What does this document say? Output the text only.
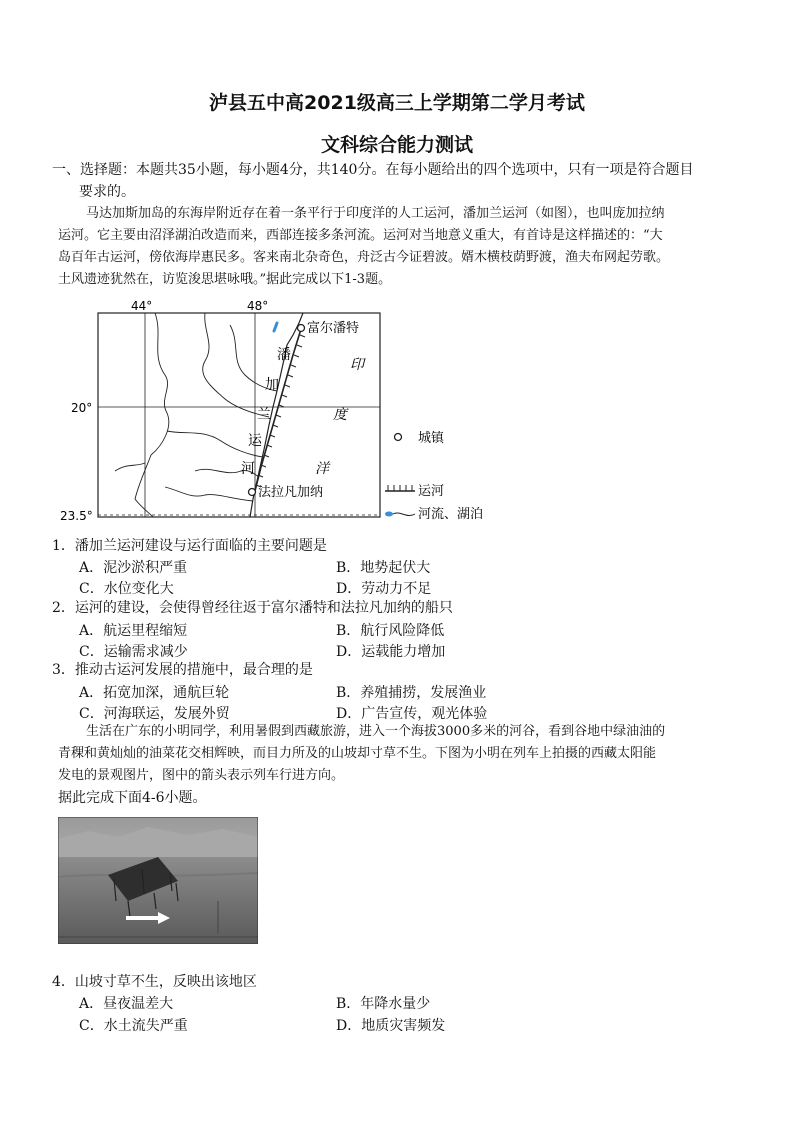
泸县五中高2021级高三上学期第二学月考试
文科综合能力测试
一、选择题：本题共35小题，每小题4分，共140分。在每小题给出的四个选项中，只有一项是符合题目
要求的。
马达加斯加岛的东海岸附近存在着一条平行于印度洋的人工运河，潘加兰运河（如图），也叫庞加拉纳
运河。它主要由沼泽湖泊改造而来，西部连接多条河流。运河对当地意义重大，有首诗是这样描述的：“大
岛百年古运河，傍依海岸惠民多。客来南北杂奇色，舟泛古今证碧波。婿木横枝荫野渡，渔夫布网起劳歌。
土风遗迹犹然在，访览浚思堪咏哦。”据此完成以下1-3题。
44°	48°
20°
23.5°
富尔潘特
法拉凡加纳
潘
加
兰
运
河
印
度
洋
城镇
运河
河流、湖泊
1．潘加兰运河建设与运行面临的主要问题是
A．泥沙淤积严重	B．地势起伏大
C．水位变化大	D．劳动力不足
2．运河的建设，会使得曾经往返于富尔潘特和法拉凡加纳的船只
A．航运里程缩短	B．航行风险降低
C．运输需求减少	D．运载能力增加
3．推动古运河发展的措施中，最合理的是
A．拓宽加深，通航巨轮	B．养殖捕捞，发展渔业
C．河海联运，发展外贸	D．广告宣传，观光体验
生活在广东的小明同学，利用暑假到西藏旅游，进入一个海拔3000多米的河谷，看到谷地中绿油油的
青稞和黄灿灿的油菜花交相辉映，而目力所及的山坡却寸草不生。下图为小明在列车上拍摄的西藏太阳能
发电的景观图片，图中的箭头表示列车行进方向。
据此完成下面4-6小题。
4．山坡寸草不生，反映出该地区
A．昼夜温差大	B．年降水量少
C．水土流失严重	D．地质灾害频发
